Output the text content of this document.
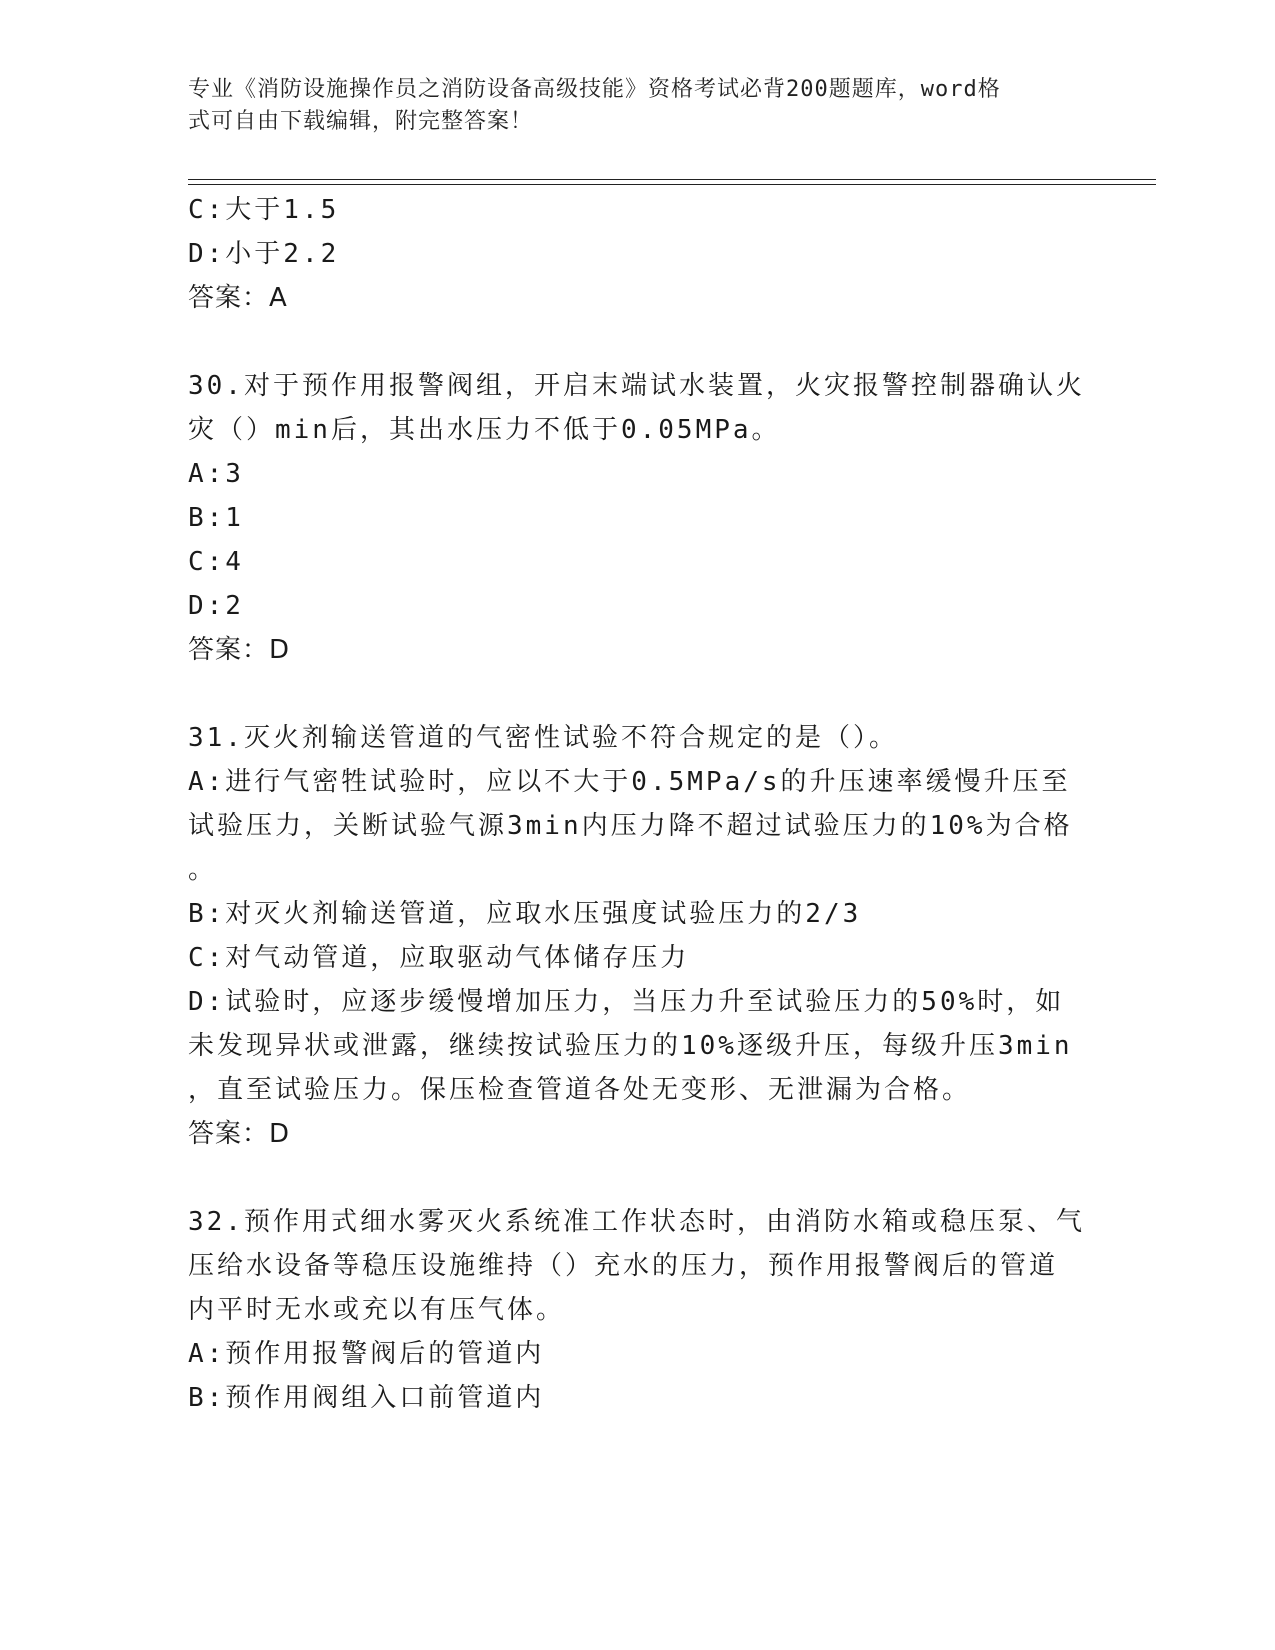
专业《消防设施操作员之消防设备高级技能》资格考试必背200题题库，word格
式可自由下载编辑，附完整答案！
C:大于1.5
D:小于2.2
答案：A
30.对于预作用报警阀组，开启末端试水装置，火灾报警控制器确认火
灾（）min后，其出水压力不低于0.05MPa。
A:3
B:1
C:4
D:2
答案：D
31.灭火剂输送管道的气密性试验不符合规定的是（）。
A:进行气密牲试验时，应以不大于0.5MPa/s的升压速率缓慢升压至
试验压力，关断试验气源3min内压力降不超过试验压力的10%为合格
。
B:对灭火剂输送管道，应取水压强度试验压力的2/3
C:对气动管道，应取驱动气体储存压力
D:试验时，应逐步缓慢增加压力，当压力升至试验压力的50%时，如
未发现异状或泄露，继续按试验压力的10%逐级升压，每级升压3min
，直至试验压力。保压检查管道各处无变形、无泄漏为合格。
答案：D
32.预作用式细水雾灭火系统准工作状态时，由消防水箱或稳压泵、气
压给水设备等稳压设施维持（）充水的压力，预作用报警阀后的管道
内平时无水或充以有压气体。
A:预作用报警阀后的管道内
B:预作用阀组入口前管道内
